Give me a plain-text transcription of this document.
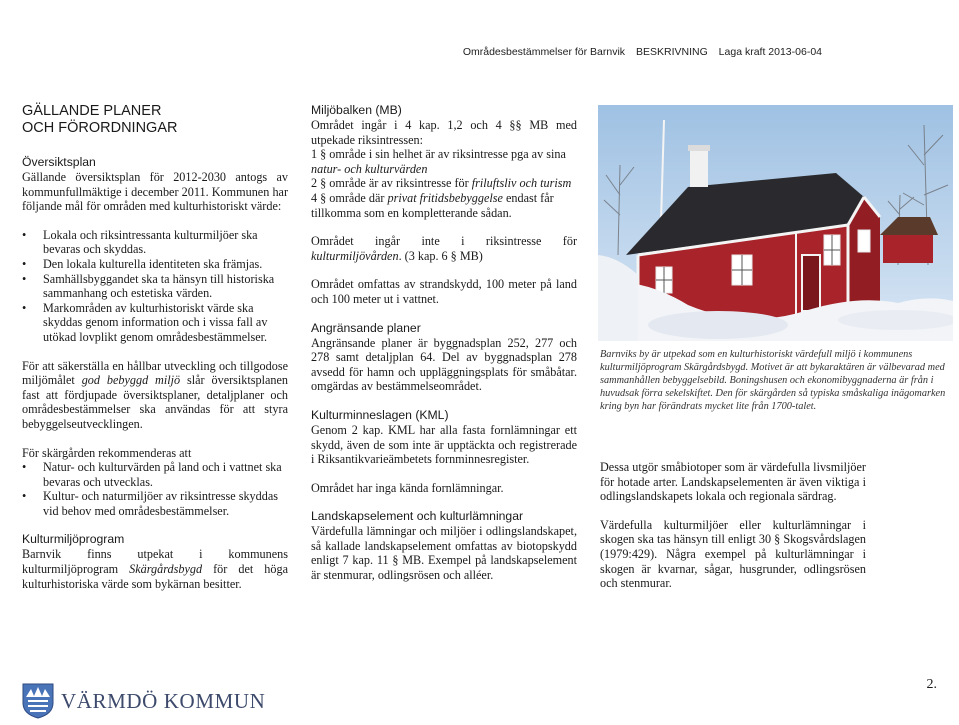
Områdesbestämmelser för Barnvik BESKRIVNING Laga kraft 2013-06-04
GÄLLANDE PLANER
OCH FÖRORDNINGAR
Översiktsplan

Gällande översiktsplan för 2012-2030 antogs av kommunfullmäktige i december 2011. Kommunen har följande mål för områden med kulturhistoriskt värde:

• Lokala och riksintressanta kulturmiljöer ska bevaras och skyddas.
• Den lokala kulturella identiteten ska främjas.
• Samhällsbyggandet ska ta hänsyn till historiska sammanhang och estetiska värden.
• Markområden av kulturhistoriskt värde ska skyddas genom information och i vissa fall av utökad lovplikt genom områdesbestämmelser.

För att säkerställa en hållbar utveckling och tillgodose miljömålet god bebyggd miljö slår översiktsplanen fast att fördjupade översiktsplaner, detaljplaner och områdesbestämmelser ska användas för att styra bebyggelseutvecklingen.

För skärgården rekommenderas att

• Natur- och kulturvärden på land och i vattnet ska bevaras och utvecklas.
• Kultur- och naturmiljöer av riksintresse skyddas vid behov med områdesbestämmelser.
Kulturmiljöprogram

Barnvik finns utpekat i kommunens kulturmiljöprogram Skärgårdsbygd för det höga kulturhistoriska värde som bykärnan besitter.

Miljöbalken (MB)

Området ingår i 4 kap. 1,2 och 4 §§ MB med utpekade riksintressen:

1 § område i sin helhet är av riksintresse pga av sina
natur- och kulturvärden

2 § område är av riksintresse för friluftsliv och turism

4 § område där privat fritidsbebyggelse endast får tillkomma som en kompletterande sådan.

Området ingår inte i riksintresse för kulturmiljövården. (3 kap. 6 § MB)

Området omfattas av strandskydd, 100 meter på land och 100 meter ut i vattnet.

Angränsande planer

Angränsande planer är byggnadsplan 252, 277 och 278 samt detaljplan 64. Del av byggnadsplan 278 avsedd för hamn och uppläggningsplats för småbåtar. omgärdas av bestämmelseområdet.

Kulturminneslagen (KML)

Genom 2 kap. KML har alla fasta fornlämningar ett skydd, även de som inte är upptäckta och registrerade i Riksantikvarieämbetets fornminnesregister.

Området har inga kända fornlämningar.

Landskapselement och kulturlämningar

Värdefulla lämningar och miljöer i odlingslandskapet, så kallade landskapselement omfattas av biotopskydd enligt 7 kap. 11 § MB. Exempel på landskapselement är stenmurar, odlingsrösen och alléer.

Barnviks by är utpekad som en kulturhistoriskt värdefull miljö i kommunens kulturmiljöprogram Skärgårdsbygd. Motivet är att bykaraktären är välbevarad med sammanhållen bebyggelsebild. Boningshusen och ekonomibyggnaderna är från i huvudsak förra sekelskiftet. Den för skärgården så typiska småskaliga inägomarken kring byn har förändrats mycket lite från 1700-talet.

Dessa utgör småbiotoper som är värdefulla livsmiljöer för hotade arter. Landskapselementen är även viktiga i odlingslandskapets lokala och regionala särdrag.

Värdefulla kulturmiljöer eller kulturlämningar i skogen ska tas hänsyn till enligt 30 § Skogsvårdslagen (1979:429). Några exempel på kulturlämningar i skogen är kvarnar, sågar, husgrunder, odlingsrösen och stenmurar.

VÄRMDÖ KOMMUN
2.
